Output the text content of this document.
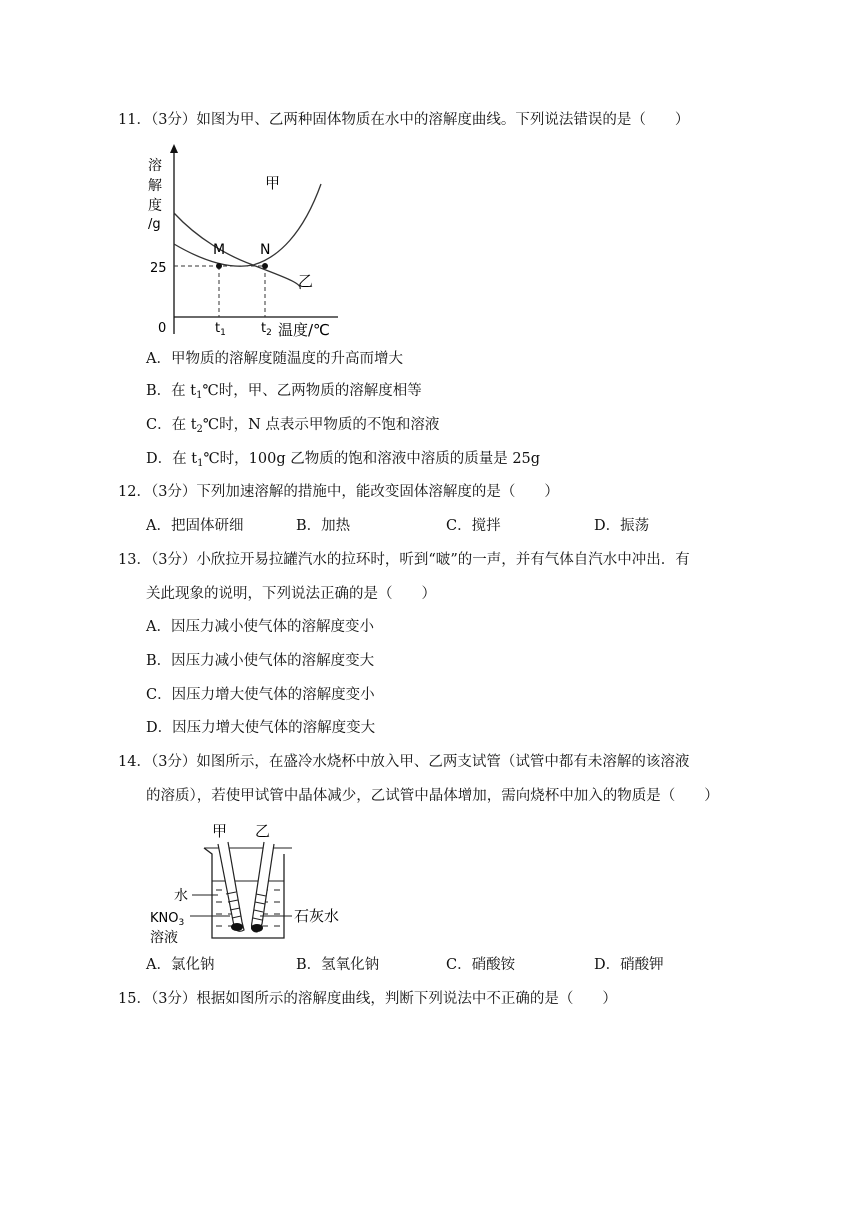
11．（3分）如图为甲、乙两种固体物质在水中的溶解度曲线。下列说法错误的是（　　）
溶
解
度
/g
25
0
M N
甲
乙
$t_1$	$t_2$ 温度/℃
A．甲物质的溶解度随温度的升高而增大
B．在 $t_1℃$时，甲、乙两物质的溶解度相等
C．在 $t_2℃$时，N 点表示甲物质的不饱和溶液
D．在 $t_1℃$时，100g 乙物质的饱和溶液中溶质的质量是 25g
12．（3分）下列加速溶解的措施中，能改变固体溶解度的是（　　）
A．把固体研细	B．加热	C．搅拌	D．振荡
13．（3分）小欣拉开易拉罐汽水的拉环时，听到“啵”的一声，并有气体自汽水中冲出．有
关此现象的说明，下列说法正确的是（　　）
A．因压力减小使气体的溶解度变小
B．因压力减小使气体的溶解度变大
C．因压力增大使气体的溶解度变小
D．因压力增大使气体的溶解度变大
14．（3分）如图所示，在盛冷水烧杯中放入甲、乙两支试管（试管中都有未溶解的该溶液
的溶质），若使甲试管中晶体减少，乙试管中晶体增加，需向烧杯中加入的物质是（　　）
甲 乙
水
$KNO_3$
溶液
石灰水
A．氯化钠	B．氢氧化钠	C．硝酸铵	D．硝酸钾
15．（3分）根据如图所示的溶解度曲线，判断下列说法中不正确的是（　　）
